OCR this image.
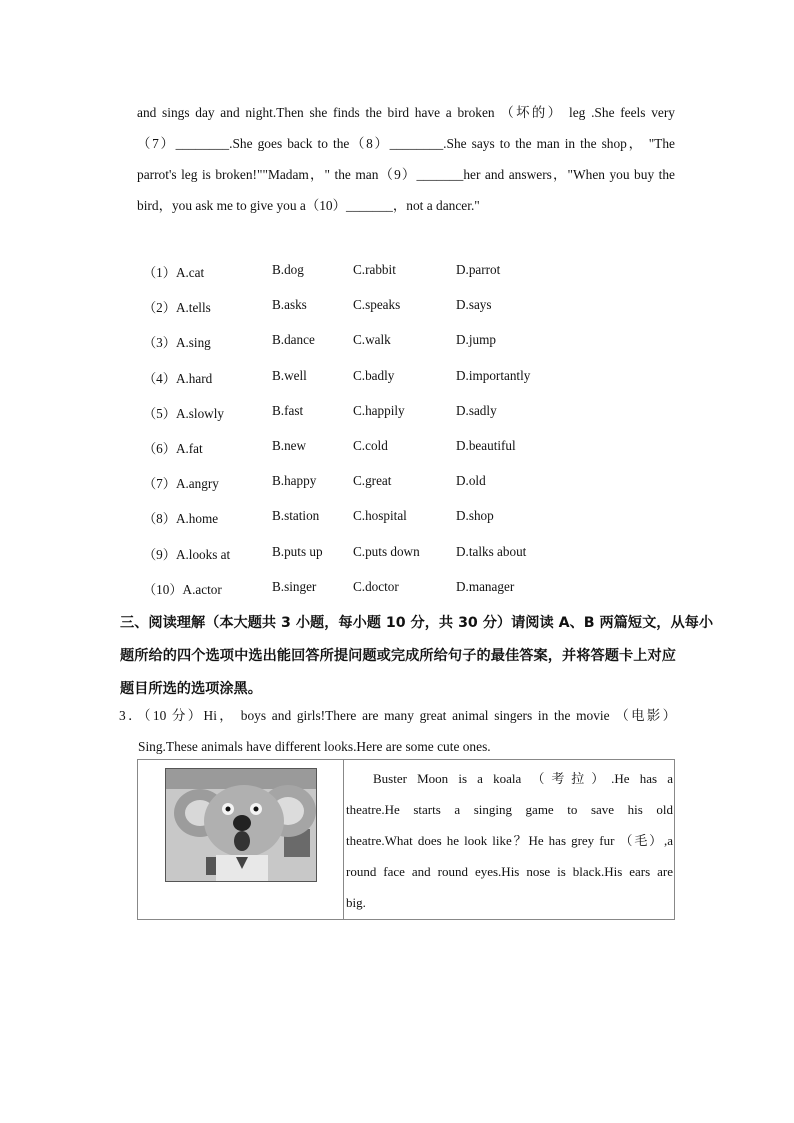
and sings day and night.Then she finds the bird have a broken （坏的） leg .She feels very
（7）________.She goes back to the（8）________.She says to the man in the shop， "The
parrot's leg is broken!""Madam，" the man（9）_______her and answers，"When you buy the
bird，you ask me to give you a（10）_______，not a dancer."
（1）A.cat	B.dog	C.rabbit	D.parrot
（2）A.tells	B.asks	C.speaks	D.says
（3）A.sing	B.dance	C.walk	D.jump
（4）A.hard	B.well	C.badly	D.importantly
（5）A.slowly	B.fast	C.happily	D.sadly
（6）A.fat	B.new	C.cold	D.beautiful
（7）A.angry	B.happy	C.great	D.old
（8）A.home	B.station	C.hospital	D.shop
（9）A.looks at	B.puts up C.puts down	D.talks about
（10）A.actor	B.singer	C.doctor	D.manager
三、阅读理解（本大题共 3 小题，每小题 10 分，共 30 分）请阅读 A、B 两篇短文，从每小
题所给的四个选项中选出能回答所提问题或完成所给句子的最佳答案，并将答题卡上对应
题目所选的选项涂黑。
3．（10 分）Hi， boys and girls!There are many great animal singers in the movie （电影）
Sing.These animals have different looks.Here are some cute ones.
Buster Moon is a koala （考拉）.He has a
theatre.He starts a singing game to save his old
theatre.What does he look like？He has grey fur （毛）,a
round face and round eyes.His nose is black.His ears are
big.
